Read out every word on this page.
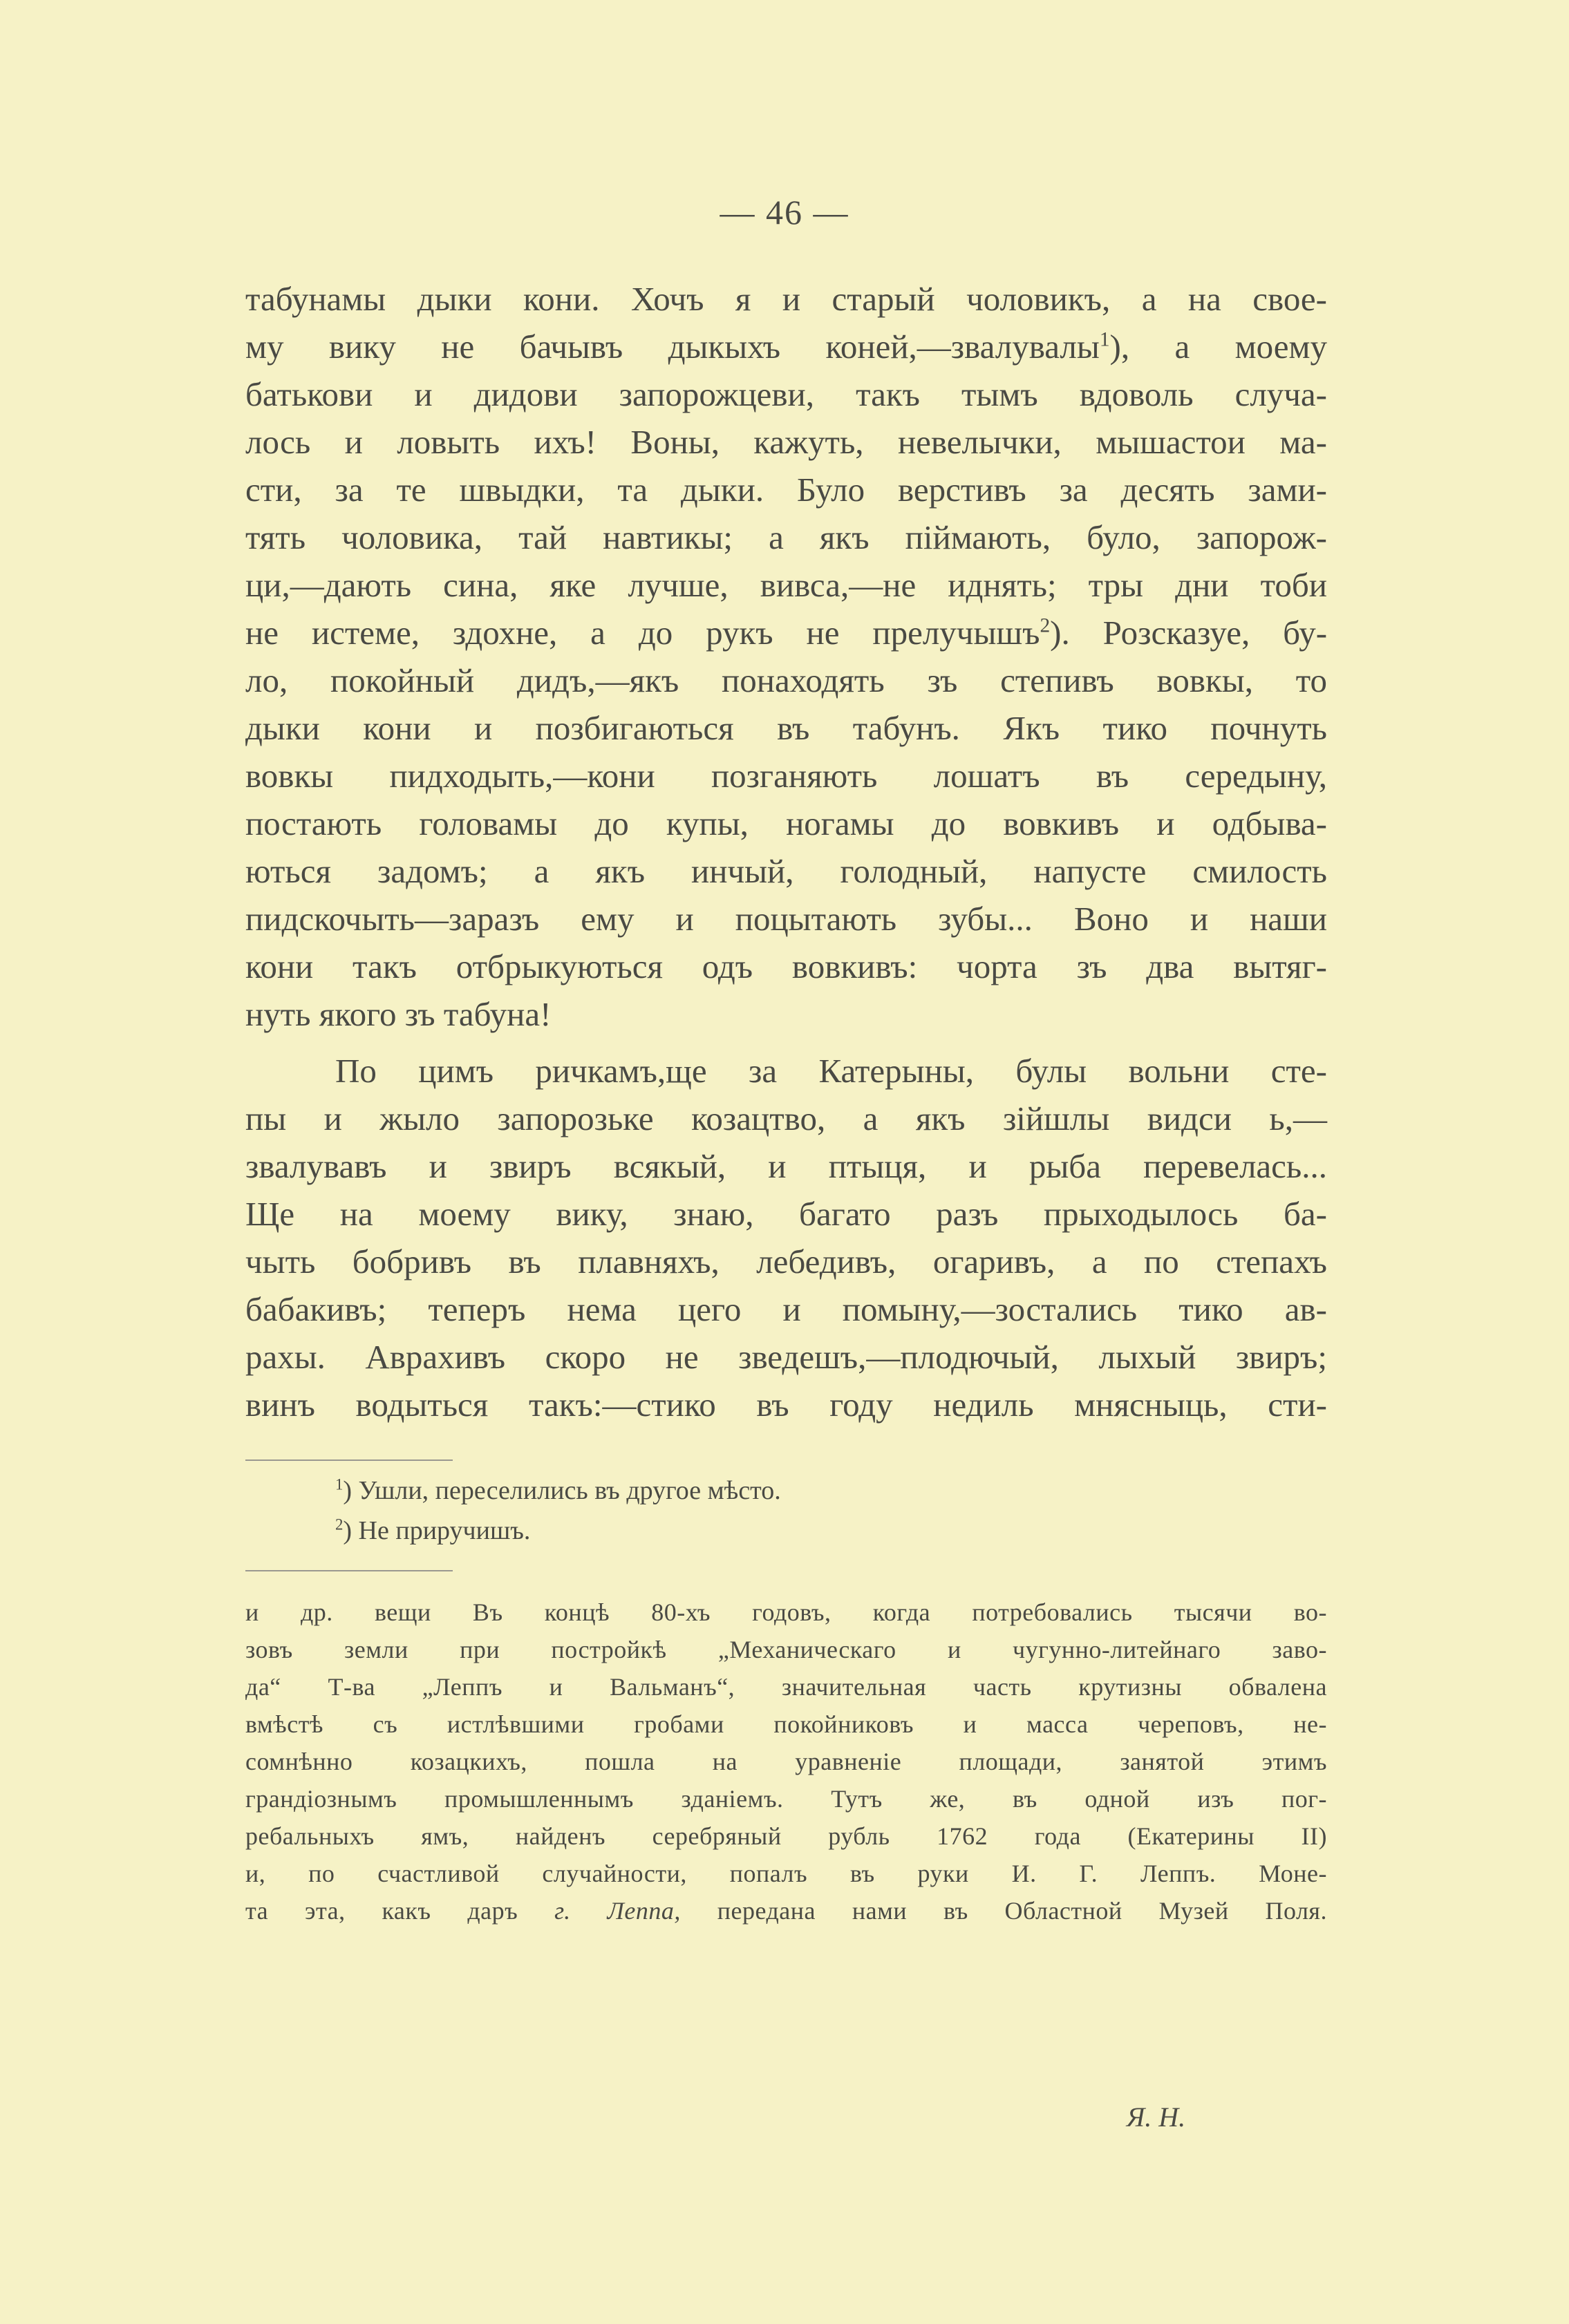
— 46 —
табунамы дыки кони. Хочъ я и старый чоловикъ, а на свое-
му вику не бачывъ дыкыхъ коней,—звалувалы$^1$), а моему
батькови и дидови запорожцеви, такъ тымъ вдоволь случа-
лось и ловыть ихъ! Воны, кажуть, невелычки, мышастои ма-
сти, за те швыдки, та дыки. Було верстивъ за десять зами-
тять чоловика, тай навтикы; а якъ пiймають, було, запорож-
ци,—дають сина, яке лучше, вивса,—не иднять; тры дни тоби
не истеме, здохне, а до рукъ не прелучышъ$^2$). Розсказуе, бу-
ло, покойный дидъ,—якъ понаходять зъ степивъ вовкы, то
дыки кони и позбигаються въ табунъ. Якъ тико почнуть
вовкы пидходыть,—кони позганяють лошатъ въ середыну,
постають головамы до купы, ногамы до вовкивъ и одбыва-
ються задомъ; а якъ инчый, голодный, напусте смилость
пидскочыть—заразъ ему и поцытають зубы... Воно и наши
кони такъ отбрыкуються одъ вовкивъ: чорта зъ два вытяг-
нуть якого зъ табуна!
По цимъ ричкамъ,ще за Катерыны, булы вольни сте-
пы и жыло запорозьке козацтво, а якъ зiйшлы видси ь,—
звалувавъ и звиръ всякый, и птыця, и рыба перевелась...
Ще на моему вику, знаю, багато разъ прыходылось ба-
чыть бобривъ въ плавняхъ, лебедивъ, огаривъ, а по степахъ
бабакивъ; теперъ нема цего и помыну,—зостались тико ав-
рахы. Аврахивъ скоро не зведешъ,—плодючый, лыхый звиръ;
винъ водыться такъ:—стико въ году недиль мнясныць, сти-
$^1$) Ушли, переселились въ другое мѣсто.
$^2$) Не приручишъ.
и др. вещи Въ концѣ 80-хъ годовъ, когда потребовались тысячи во-
зовъ земли при постройкѣ „Механическаго и чугунно-литейнаго заво-
да“ Т-ва „Леппъ и Вальманъ“, значительная часть крутизны обвалена
вмѣстѣ съ истлѣвшими гробами покойниковъ и масса череповъ, не-
сомнѣнно козацкихъ, пошла на уравненiе площади, занятой этимъ
грандiознымъ промышленнымъ зданiемъ. Тутъ же, въ одной изъ пог-
ребальныхъ ямъ, найденъ серебряный рубль 1762 года (Екатерины II)
и, по счастливой случайности, попалъ въ руки И. Г. Леппъ. Моне-
та эта, какъ даръ г. Леппа, передана нами въ Областной Музей Поля.
Я. Н.
